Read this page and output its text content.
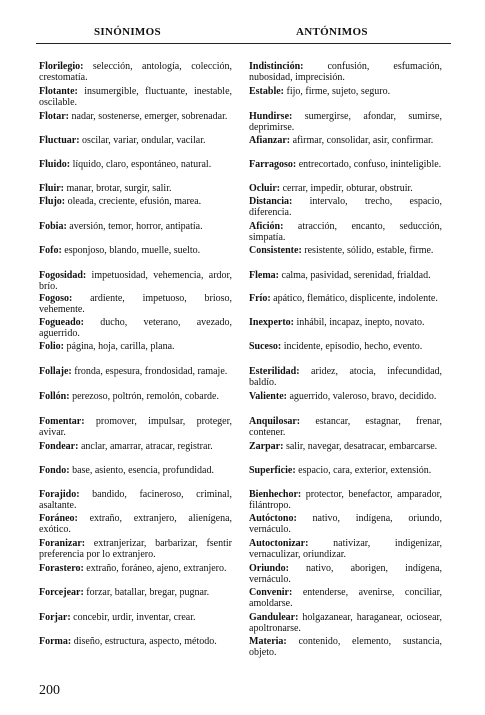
SINÓNIMOS	ANTÓNIMOS
Florilegio: selección, antología, colección, crestomatía.
Flotante: insumergible, fluctuante, inestable, oscilable.
Flotar: nadar, sostenerse, emerger, sobrenadar.
Fluctuar: oscilar, variar, ondular, vacilar.
Fluido: líquido, claro, espontáneo, natural.
Fluir: manar, brotar, surgir, salir.
Flujo: oleada, creciente, efusión, marea.
Fobia: aversión, temor, horror, antipatía.
Fofo: esponjoso, blando, muelle, suelto.
Fogosidad: impetuosidad, vehemencia, ardor, brío.
Fogoso: ardiente, impetuoso, brioso, vehemente.
Fogueado: ducho, veterano, avezado, aguerrido.
Folio: página, hoja, carilla, plana.
Follaje: fronda, espesura, frondosidad, ramaje.
Follón: perezoso, poltrón, remolón, cobarde.
Fomentar: promover, impulsar, proteger, avivar.
Fondear: anclar, amarrar, atracar, registrar.
Fondo: base, asiento, esencia, profundidad.
Forajido: bandido, facineroso, criminal, asaltante.
Foráneo: extraño, extranjero, alienígena, exótico.
Foranizar: extranjerizar, barbarizar, fsentir preferencia por lo extranjero.
Forastero: extraño, foráneo, ajeno, extranjero.
Forcejear: forzar, batallar, bregar, pugnar.
Forjar: concebir, urdir, inventar, crear.
Forma: diseño, estructura, aspecto, método.
Indistinción: confusión, esfumación, nubosidad, imprecisión.
Estable: fijo, firme, sujeto, seguro.
Hundirse: sumergirse, afondar, sumirse, deprimirse.
Afianzar: afirmar, consolidar, asir, confirmar.
Farragoso: entrecortado, confuso, ininteligible.
Ocluir: cerrar, impedir, obturar, obstruir.
Distancia: intervalo, trecho, espacio, diferencia.
Afición: atracción, encanto, seducción, simpatía.
Consistente: resistente, sólido, estable, firme.
Flema: calma, pasividad, serenidad, frialdad.
Frío: apático, flemático, displicente, indolente.
Inexperto: inhábil, incapaz, inepto, novato.
Suceso: incidente, episodio, hecho, evento.
Esterilidad: aridez, atocia, infecundidad, baldío.
Valiente: aguerrido, valeroso, bravo, decidido.
Anquilosar: estancar, estagnar, frenar, contener.
Zarpar: salir, navegar, desatracar, embarcarse.
Superficie: espacio, cara, exterior, extensión.
Bienhechor: protector, benefactor, amparador, filántropo.
Autóctono: nativo, indígena, oriundo, vernáculo.
Autoctonizar: nativizar, indigenizar, vernaculizar, oriundizar.
Oriundo: nativo, aborigen, indígena, vernáculo.
Convenir: entenderse, avenirse, conciliar, amoldarse.
Gandulear: holgazanear, haraganear, ociosear, apoltronarse.
Materia: contenido, elemento, sustancia, objeto.
200
